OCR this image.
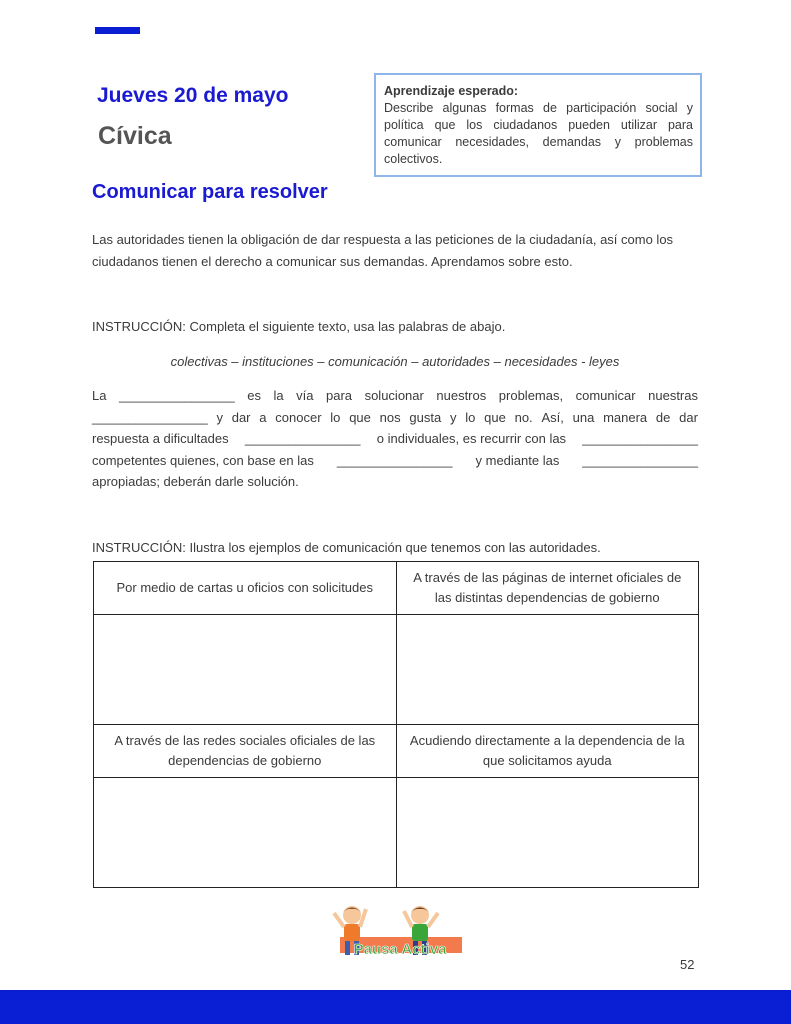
Jueves 20 de mayo
Cívica
Aprendizaje esperado:
Describe algunas formas de participación social y política que los ciudadanos pueden utilizar para comunicar necesidades, demandas y problemas colectivos.
Comunicar para resolver
Las autoridades tienen la obligación de dar respuesta a las peticiones de la ciudadanía, así como los ciudadanos tienen el derecho a comunicar sus demandas. Aprendamos sobre esto.
INSTRUCCIÓN: Completa el siguiente texto, usa las palabras de abajo.
colectivas – instituciones – comunicación – autoridades – necesidades - leyes
La ________________ es la vía para solucionar nuestros problemas, comunicar nuestras
________________ y dar a conocer lo que nos gusta y lo que no. Así, una manera de dar
respuesta a dificultades ________________ o individuales, es recurrir con las ________________
competentes quienes, con base en las ________________ y mediante las ________________
apropiadas; deberán darle solución.
INSTRUCCIÓN: Ilustra los ejemplos de comunicación que tenemos con las autoridades.
Por medio de cartas u oficios con solicitudes	A través de las páginas de internet oficiales de las distintas dependencias de gobierno

A través de las redes sociales oficiales de las dependencias de gobierno	Acudiendo directamente a la dependencia de la que solicitamos ayuda

Pausa Activa
52
